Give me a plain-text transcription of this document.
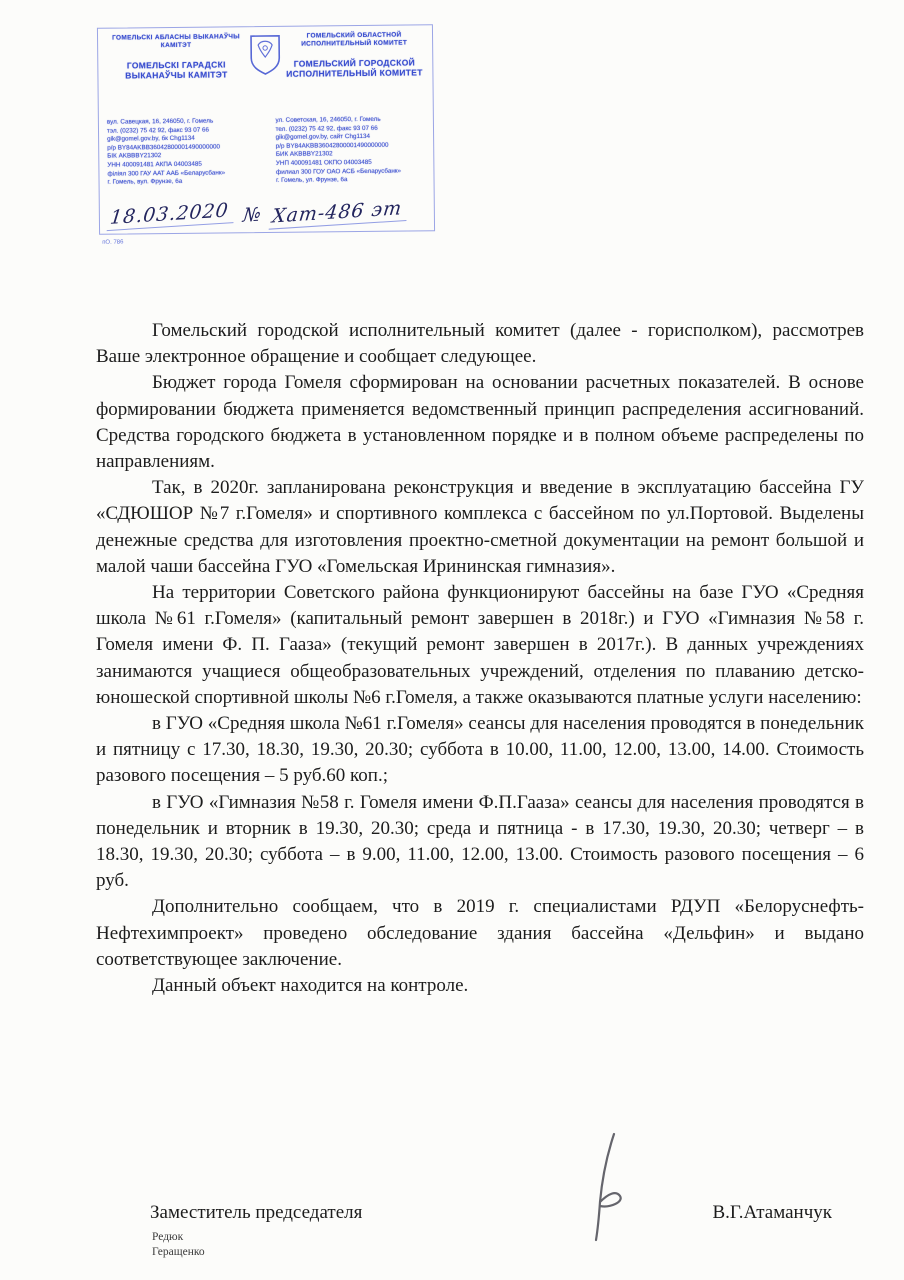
ГОМЕЛЬСКІ АБЛАСНЫ ВЫКАНАЎЧЫ КАМІТЭТ
ГОМЕЛЬСКІ ГАРАДСКІ ВЫКАНАЎЧЫ КАМІТЭТ
ГОМЕЛЬСКИЙ ОБЛАСТНОЙ ИСПОЛНИТЕЛЬНЫЙ КОМИТЕТ
ГОМЕЛЬСКИЙ ГОРОДСКОЙ ИСПОЛНИТЕЛЬНЫЙ КОМИТЕТ
вул. Савецкая, 16, 246050, г. Гомель
тэл. (0232) 75 42 92, факс 93 07 66
gik@gomel.gov.by, бк Chg1134
р/р BY84AKBB36042800001490000000
БІК AKBBBY21302
УНН 400091481 АКПА 04003485
філіял 300 ГАУ ААТ ААБ «Беларусбанк»
г. Гомель, вул. Фрунзе, 6а
ул. Советская, 16, 246050, г. Гомель
тел. (0232) 75 42 92, факс 93 07 66
gik@gomel.gov.by, сайт Chg1134
р/р BY84AKBB36042800001490000000
БИК AKBBBY21302
УНП 400091481 ОКПО 04003485
филиал 300 ГОУ ОАО АСБ «Беларусбанк»
г. Гомель, ул. Фрунзе, 6а
18.03.2020 № Хат-486 эт
пО. 786

Гомельский городской исполнительный комитет (далее - горисполком), рассмотрев Ваше электронное обращение и сообщает следующее.

Бюджет города Гомеля сформирован на основании расчетных показателей. В основе формировании бюджета применяется ведомственный принцип распределения ассигнований. Средства городского бюджета в установленном порядке и в полном объеме распределены по направлениям.

Так, в 2020г. запланирована реконструкция и введение в эксплуатацию бассейна ГУ «СДЮШОР №7 г.Гомеля» и спортивного комплекса с бассейном по ул.Портовой. Выделены денежные средства для изготовления проектно-сметной документации на ремонт большой и малой чаши бассейна ГУО «Гомельская Ирининская гимназия».

На территории Советского района функционируют бассейны на базе ГУО «Средняя школа №61 г.Гомеля» (капитальный ремонт завершен в 2018г.) и ГУО «Гимназия №58 г. Гомеля имени Ф. П. Гааза» (текущий ремонт завершен в 2017г.). В данных учреждениях занимаются учащиеся общеобразовательных учреждений, отделения по плаванию детско-юношеской спортивной школы №6 г.Гомеля, а также оказываются платные услуги населению:

в ГУО «Средняя школа №61 г.Гомеля» сеансы для населения проводятся в понедельник и пятницу с 17.30, 18.30, 19.30, 20.30; суббота в 10.00, 11.00, 12.00, 13.00, 14.00. Стоимость разового посещения – 5 руб.60 коп.;

в ГУО «Гимназия №58 г. Гомеля имени Ф.П.Гааза» сеансы для населения проводятся в понедельник и вторник в 19.30, 20.30; среда и пятница - в 17.30, 19.30, 20.30; четверг – в 18.30, 19.30, 20.30; суббота – в 9.00, 11.00, 12.00, 13.00. Стоимость разового посещения – 6 руб.

Дополнительно сообщаем, что в 2019 г. специалистами РДУП «Белоруснефть-Нефтехимпроект» проведено обследование здания бассейна «Дельфин» и выдано соответствующее заключение.

Данный объект находится на контроле.

Заместитель председателя	В.Г.Атаманчук
Редюк
Геращенко
